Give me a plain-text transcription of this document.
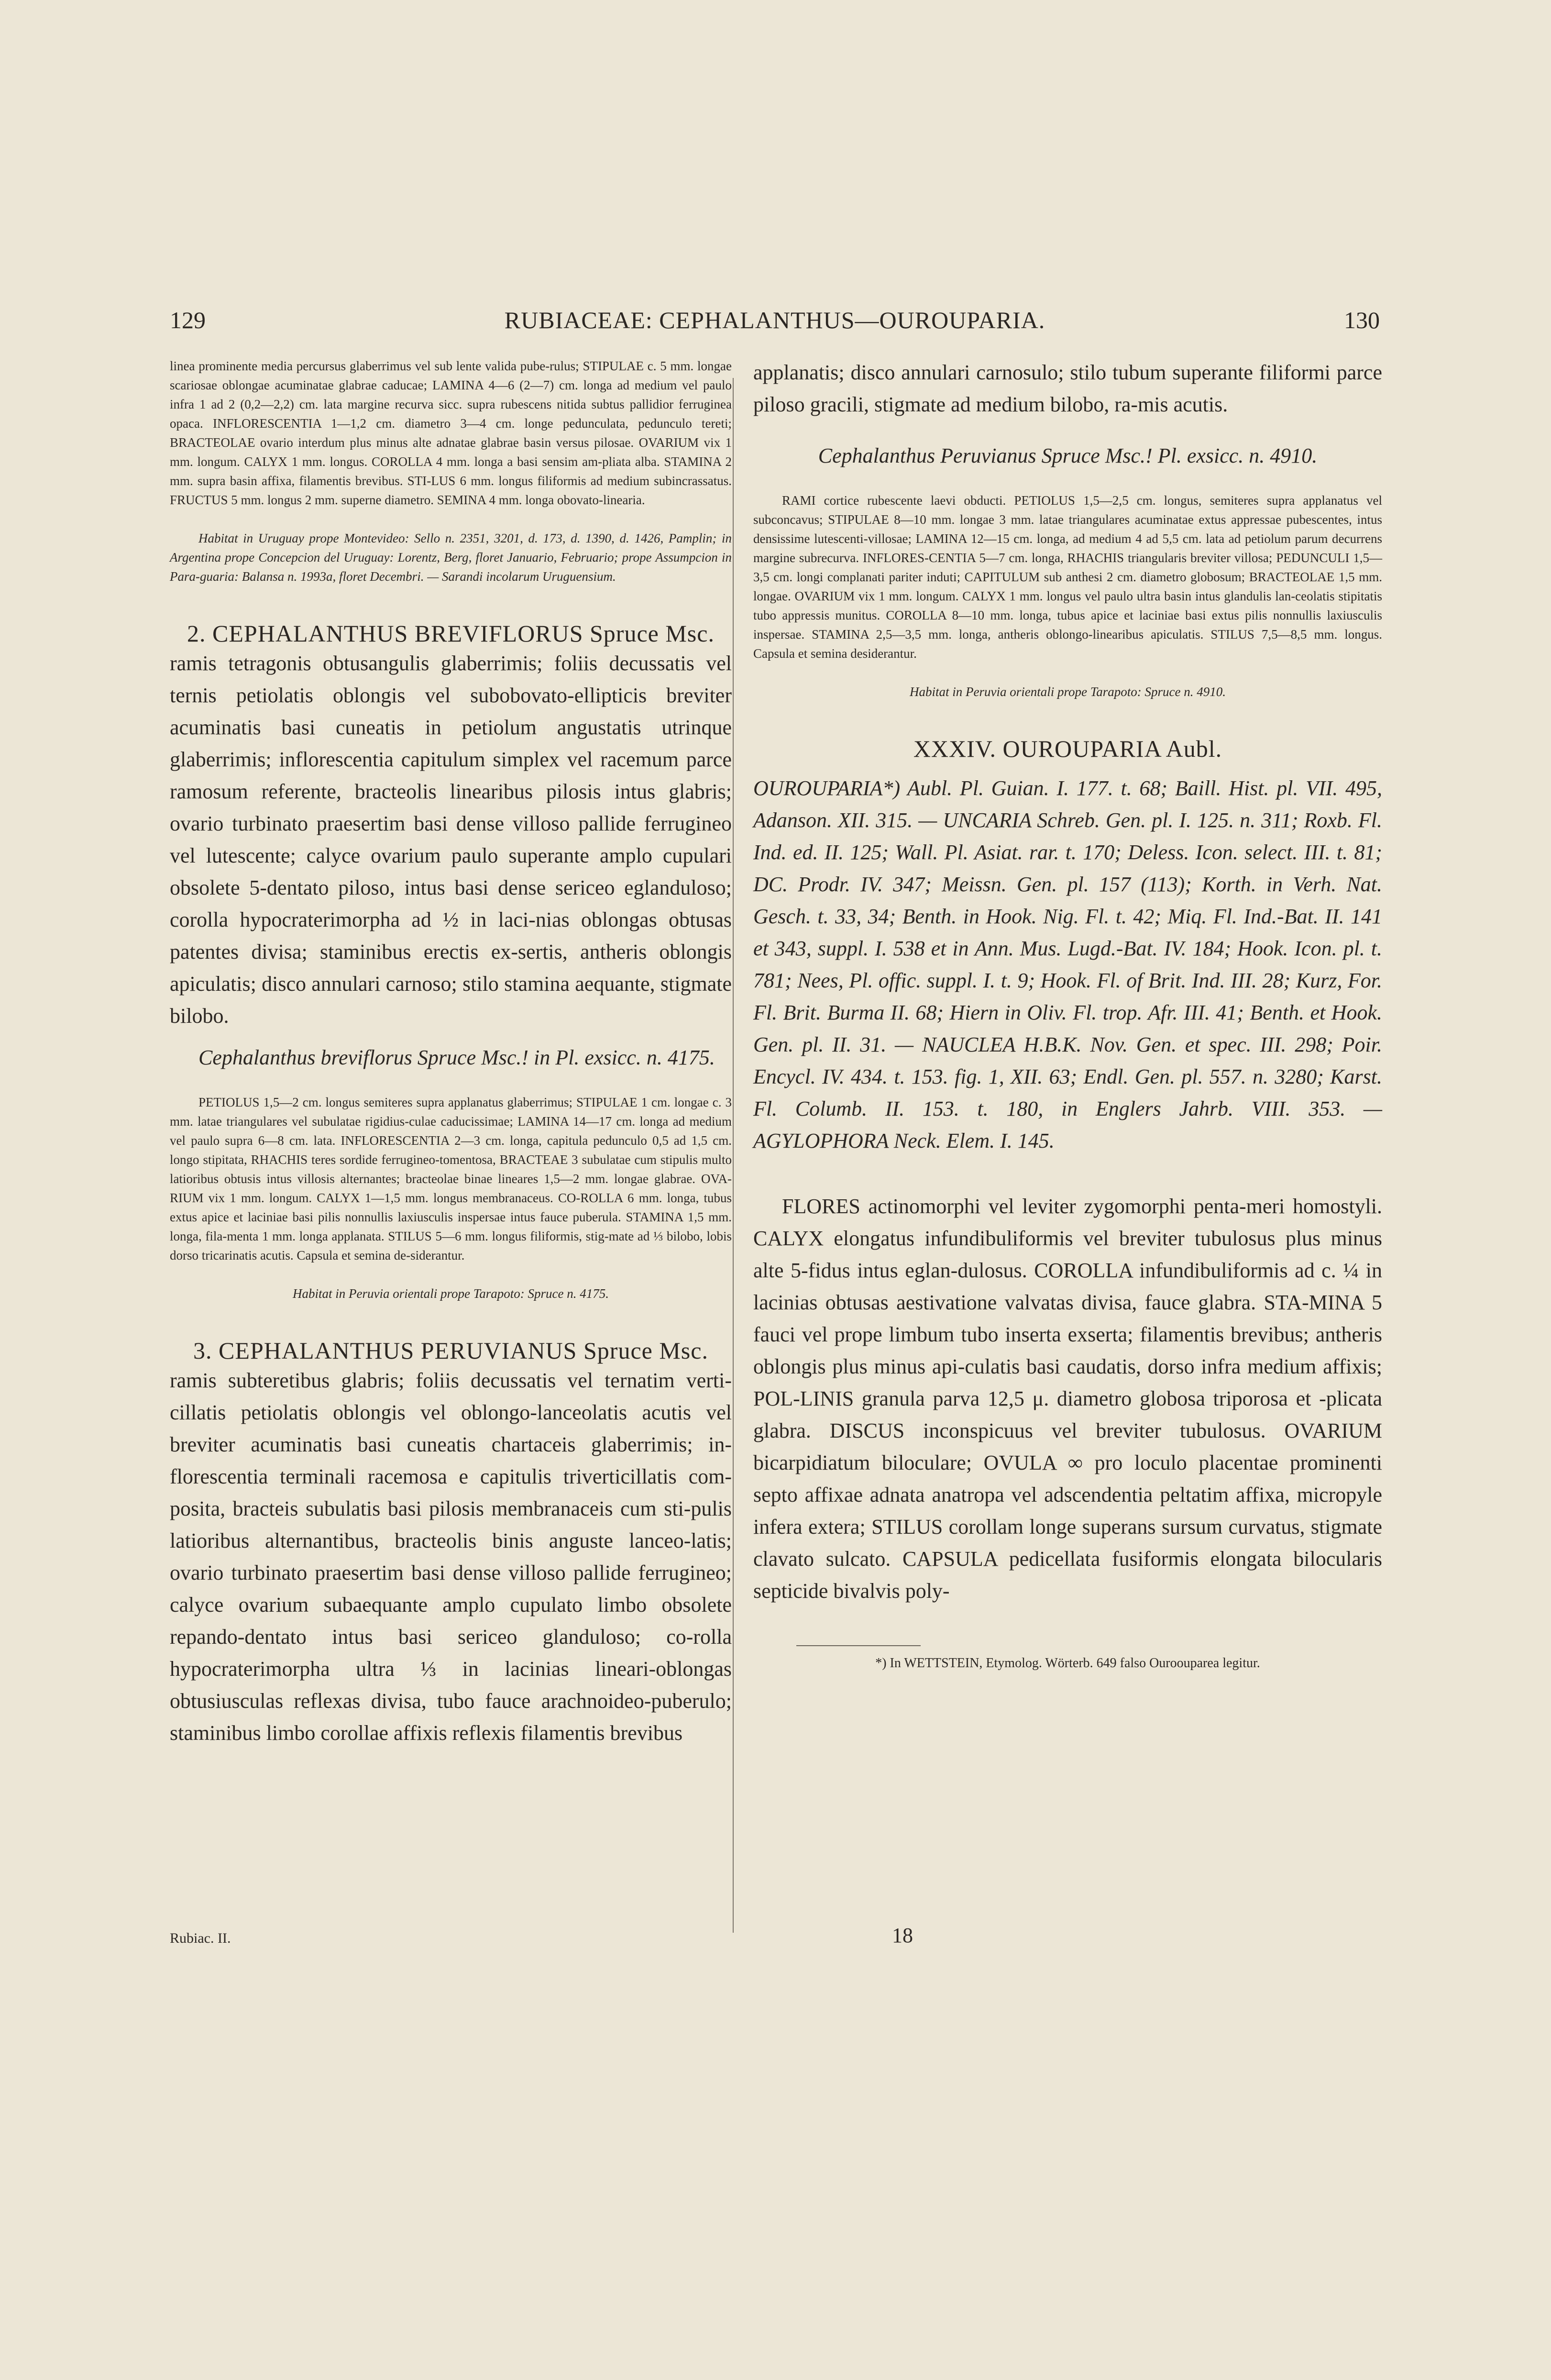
129	RUBIACEAE: CEPHALANTHUS—OUROUPARIA.	130

linea prominente media percursus glaberrimus vel sub lente valida pube-rulus; STIPULAE c. 5 mm. longae scariosae oblongae acuminatae glabrae caducae; LAMINA 4—6 (2—7) cm. longa ad medium vel paulo infra 1 ad 2 (0,2—2,2) cm. lata margine recurva sicc. supra rubescens nitida subtus pallidior ferruginea opaca. INFLORESCENTIA 1—1,2 cm. diametro 3—4 cm. longe pedunculata, pedunculo tereti; BRACTEOLAE ovario interdum plus minus alte adnatae glabrae basin versus pilosae. OVARIUM vix 1 mm. longum. CALYX 1 mm. longus. COROLLA 4 mm. longa a basi sensim am-pliata alba. STAMINA 2 mm. supra basin affixa, filamentis brevibus. STI-LUS 6 mm. longus filiformis ad medium subincrassatus. FRUCTUS 5 mm. longus 2 mm. superne diametro. SEMINA 4 mm. longa obovato-linearia.

Habitat in Uruguay prope Montevideo: Sello n. 2351, 3201, d. 173, d. 1390, d. 1426, Pamplin; in Argentina prope Concepcion del Uruguay: Lorentz, Berg, floret Januario, Februario; prope Assumpcion in Para-guaria: Balansa n. 1993a, floret Decembri. — Sarandi incolarum Uruguensium.

2. CEPHALANTHUS BREVIFLORUS Spruce Msc.

ramis tetragonis obtusangulis glaberrimis; foliis decussatis vel ternis petiolatis oblongis vel subobovato-ellipticis breviter acuminatis basi cuneatis in petiolum angustatis utrinque glaberrimis; inflorescentia capitulum simplex vel racemum parce ramosum referente, bracteolis linearibus pilosis intus glabris; ovario turbinato praesertim basi dense villoso pallide ferrugineo vel lutescente; calyce ovarium paulo superante amplo cupulari obsolete 5-dentato piloso, intus basi dense sericeo eglanduloso; corolla hypocraterimorpha ad ½ in laci-nias oblongas obtusas patentes divisa; staminibus erectis ex-sertis, antheris oblongis apiculatis; disco annulari carnoso; stilo stamina aequante, stigmate bilobo.

Cephalanthus breviflorus Spruce Msc.! in Pl. exsicc. n. 4175.

PETIOLUS 1,5—2 cm. longus semiteres supra applanatus glaberrimus; STIPULAE 1 cm. longae c. 3 mm. latae triangulares vel subulatae rigidius-culae caducissimae; LAMINA 14—17 cm. longa ad medium vel paulo supra 6—8 cm. lata. INFLORESCENTIA 2—3 cm. longa, capitula pedunculo 0,5 ad 1,5 cm. longo stipitata, RHACHIS teres sordide ferrugineo-tomentosa, BRACTEAE 3 subulatae cum stipulis multo latioribus obtusis intus villosis alternantes; bracteolae binae lineares 1,5—2 mm. longae glabrae. OVA-RIUM vix 1 mm. longum. CALYX 1—1,5 mm. longus membranaceus. CO-ROLLA 6 mm. longa, tubus extus apice et laciniae basi pilis nonnullis laxiusculis inspersae intus fauce puberula. STAMINA 1,5 mm. longa, fila-menta 1 mm. longa applanata. STILUS 5—6 mm. longus filiformis, stig-mate ad ⅓ bilobo, lobis dorso tricarinatis acutis. Capsula et semina de-siderantur.

Habitat in Peruvia orientali prope Tarapoto: Spruce n. 4175.

3. CEPHALANTHUS PERUVIANUS Spruce Msc.

ramis subteretibus glabris; foliis decussatis vel ternatim verti-cillatis petiolatis oblongis vel oblongo-lanceolatis acutis vel breviter acuminatis basi cuneatis chartaceis glaberrimis; in-florescentia terminali racemosa e capitulis triverticillatis com-posita, bracteis subulatis basi pilosis membranaceis cum sti-pulis latioribus alternantibus, bracteolis binis anguste lanceo-latis; ovario turbinato praesertim basi dense villoso pallide ferrugineo; calyce ovarium subaequante amplo cupulato limbo obsolete repando-dentato intus basi sericeo glanduloso; co-rolla hypocraterimorpha ultra ⅓ in lacinias lineari-oblongas obtusiusculas reflexas divisa, tubo fauce arachnoideo-puberulo; staminibus limbo corollae affixis reflexis filamentis brevibus

applanatis; disco annulari carnosulo; stilo tubum superante filiformi parce piloso gracili, stigmate ad medium bilobo, ra-mis acutis.

Cephalanthus Peruvianus Spruce Msc.! Pl. exsicc. n. 4910.

RAMI cortice rubescente laevi obducti. PETIOLUS 1,5—2,5 cm. longus, semiteres supra applanatus vel subconcavus; STIPULAE 8—10 mm. longae 3 mm. latae triangulares acuminatae extus appressae pubescentes, intus densissime lutescenti-villosae; LAMINA 12—15 cm. longa, ad medium 4 ad 5,5 cm. lata ad petiolum parum decurrens margine subrecurva. INFLORES-CENTIA 5—7 cm. longa, RHACHIS triangularis breviter villosa; PEDUNCULI 1,5—3,5 cm. longi complanati pariter induti; CAPITULUM sub anthesi 2 cm. diametro globosum; BRACTEOLAE 1,5 mm. longae. OVARIUM vix 1 mm. longum. CALYX 1 mm. longus vel paulo ultra basin intus glandulis lan-ceolatis stipitatis tubo appressis munitus. COROLLA 8—10 mm. longa, tubus apice et laciniae basi extus pilis nonnullis laxiusculis inspersae. STAMINA 2,5—3,5 mm. longa, antheris oblongo-linearibus apiculatis. STILUS 7,5—8,5 mm. longus. Capsula et semina desiderantur.

Habitat in Peruvia orientali prope Tarapoto: Spruce n. 4910.

XXXIV. OUROUPARIA Aubl.

OUROUPARIA*) Aubl. Pl. Guian. I. 177. t. 68; Baill. Hist. pl. VII. 495, Adanson. XII. 315. — UNCARIA Schreb. Gen. pl. I. 125. n. 311; Roxb. Fl. Ind. ed. II. 125; Wall. Pl. Asiat. rar. t. 170; Deless. Icon. select. III. t. 81; DC. Prodr. IV. 347; Meissn. Gen. pl. 157 (113); Korth. in Verh. Nat. Gesch. t. 33, 34; Benth. in Hook. Nig. Fl. t. 42; Miq. Fl. Ind.-Bat. II. 141 et 343, suppl. I. 538 et in Ann. Mus. Lugd.-Bat. IV. 184; Hook. Icon. pl. t. 781; Nees, Pl. offic. suppl. I. t. 9; Hook. Fl. of Brit. Ind. III. 28; Kurz, For. Fl. Brit. Burma II. 68; Hiern in Oliv. Fl. trop. Afr. III. 41; Benth. et Hook. Gen. pl. II. 31. — NAUCLEA H.B.K. Nov. Gen. et spec. III. 298; Poir. Encycl. IV. 434. t. 153. fig. 1, XII. 63; Endl. Gen. pl. 557. n. 3280; Karst. Fl. Columb. II. 153. t. 180, in Englers Jahrb. VIII. 353. — AGYLOPHORA Neck. Elem. I. 145.

FLORES actinomorphi vel leviter zygomorphi penta-meri homostyli. CALYX elongatus infundibuliformis vel breviter tubulosus plus minus alte 5-fidus intus eglan-dulosus. COROLLA infundibuliformis ad c. ¼ in lacinias obtusas aestivatione valvatas divisa, fauce glabra. STA-MINA 5 fauci vel prope limbum tubo inserta exserta; filamentis brevibus; antheris oblongis plus minus api-culatis basi caudatis, dorso infra medium affixis; POL-LINIS granula parva 12,5 μ. diametro globosa triporosa et -plicata glabra. DISCUS inconspicuus vel breviter tubulosus. OVARIUM bicarpidiatum biloculare; OVULA ∞ pro loculo placentae prominenti septo affixae adnata anatropa vel adscendentia peltatim affixa, micropyle infera extera; STILUS corollam longe superans sursum curvatus, stigmate clavato sulcato. CAPSULA pedicellata fusiformis elongata bilocularis septicide bivalvis poly-

*) In WETTSTEIN, Etymolog. Wörterb. 649 falso Ouroouparea legitur.

Rubiac. II.	18
